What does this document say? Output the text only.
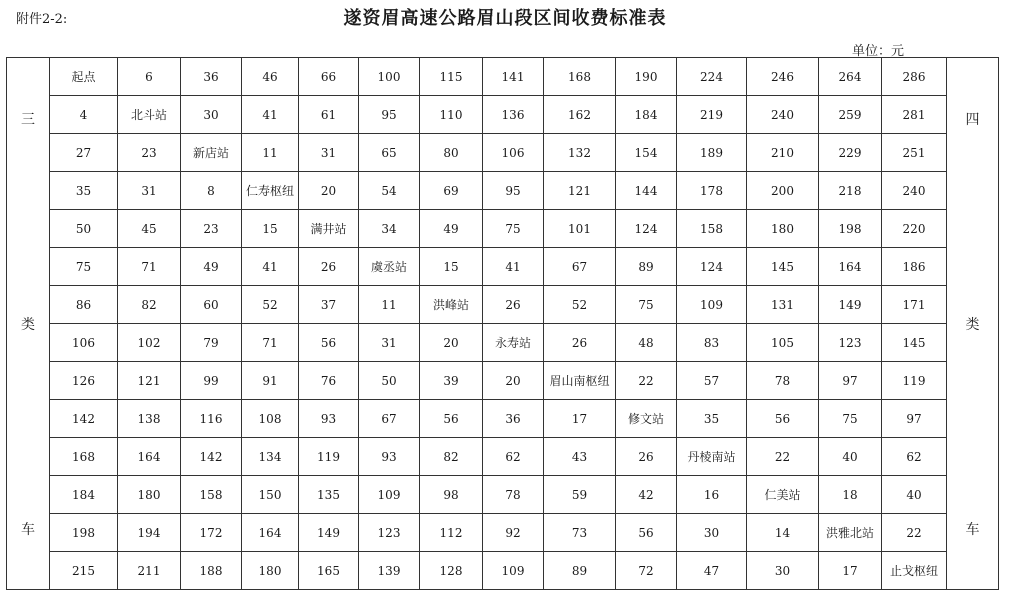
附件2-2:	遂资眉高速公路眉山段区间收费标准表
单位：元
三
类
车	起点	6	36	46	66	100	115	141	168	190	224	246	264	286	四
类
车

	4	北斗站	30	41	61	95	110	136	162	184	219	240	259	281	
	27	23	新店站	11	31	65	80	106	132	154	189	210	229	251	
	35	31	8	仁寿枢纽	20	54	69	95	121	144	178	200	218	240	
	50	45	23	15	满井站	34	49	75	101	124	158	180	198	220	
	75	71	49	41	26	虞丞站	15	41	67	89	124	145	164	186	
	86	82	60	52	37	11	洪峰站	26	52	75	109	131	149	171	
	106	102	79	71	56	31	20	永寿站	26	48	83	105	123	145	
	126	121	99	91	76	50	39	20	眉山南枢纽	22	57	78	97	119	
	142	138	116	108	93	67	56	36	17	修文站	35	56	75	97	
	168	164	142	134	119	93	82	62	43	26	丹棱南站	22	40	62	
	184	180	158	150	135	109	98	78	59	42	16	仁美站	18	40	
	198	194	172	164	149	123	112	92	73	56	30	14	洪雅北站	22	
	215	211	188	180	165	139	128	109	89	72	47	30	17	止戈枢纽	
